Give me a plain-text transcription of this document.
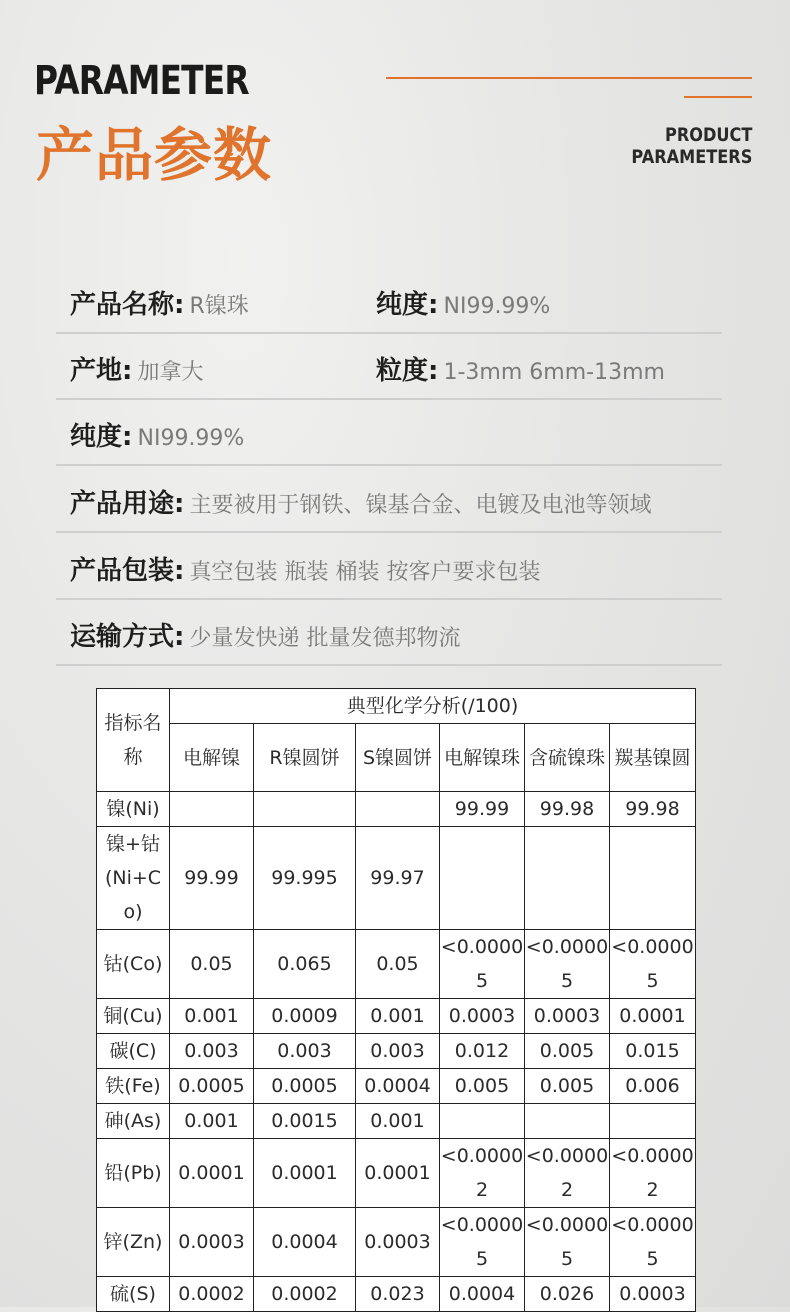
PARAMETER
产品参数	PRODUCT
PARAMETERS
产品名称: R镍珠	纯度: NI99.99%
产地: 加拿大	粒度: 1-3mm 6mm-13mm
纯度: NI99.99%
产品用途: 主要被用于钢铁、镍基合金、电镀及电池等领域
产品包装: 真空包装 瓶装 桶装 按客户要求包装
运输方式: 少量发快递 批量发德邦物流
指标名称	典型化学分析(/100)					
	电解镍	R镍圆饼	S镍圆饼	电解镍珠	含硫镍珠	羰基镍圆
镍(Ni)				99.99	99.98	99.98
镍+钴(Ni+Co)	99.99	99.995	99.97			
钴(Co)	0.05	0.065	0.05	<0.00005	<0.00005	<0.00005
铜(Cu)	0.001	0.0009	0.001	0.0003	0.0003	0.0001
碳(C)	0.003	0.003	0.003	0.012	0.005	0.015
铁(Fe)	0.0005	0.0005	0.0004	0.005	0.005	0.006
砷(As)	0.001	0.0015	0.001			
铅(Pb)	0.0001	0.0001	0.0001	<0.00002	<0.00002	<0.00002
锌(Zn)	0.0003	0.0004	0.0003	<0.00005	<0.00005	<0.00005
硫(S)	0.0002	0.0002	0.023	0.0004	0.026	0.0003
